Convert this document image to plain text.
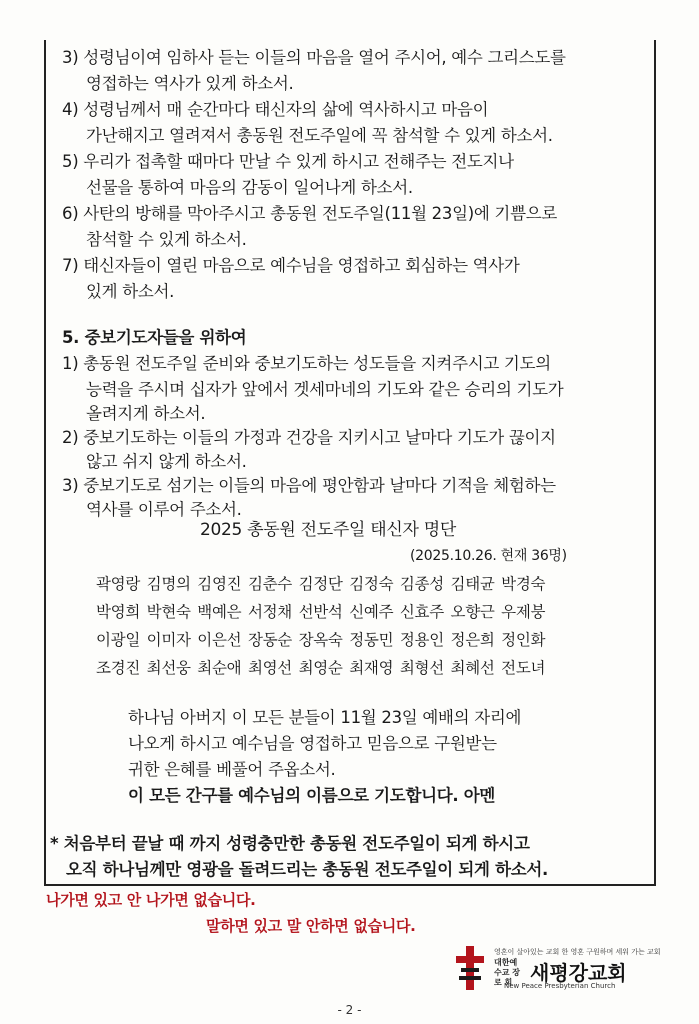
3) 성령님이여 임하사 듣는 이들의 마음을 열어 주시어, 예수 그리스도를
영접하는 역사가 있게 하소서.
4) 성령님께서 매 순간마다 태신자의 삶에 역사하시고 마음이
가난해지고 열려져서 총동원 전도주일에 꼭 참석할 수 있게 하소서.
5) 우리가 접촉할 때마다 만날 수 있게 하시고 전해주는 전도지나
선물을 통하여 마음의 감동이 일어나게 하소서.
6) 사탄의 방해를 막아주시고 총동원 전도주일(11월 23일)에 기쁨으로
참석할 수 있게 하소서.
7) 태신자들이 열린 마음으로 예수님을 영접하고 회심하는 역사가
있게 하소서.
5. 중보기도자들을 위하여
1) 총동원 전도주일 준비와 중보기도하는 성도들을 지켜주시고 기도의
능력을 주시며 십자가 앞에서 겟세마네의 기도와 같은 승리의 기도가
올려지게 하소서.
2) 중보기도하는 이들의 가정과 건강을 지키시고 날마다 기도가 끊이지
않고 쉬지 않게 하소서.
3) 중보기도로 섬기는 이들의 마음에 평안함과 날마다 기적을 체험하는
역사를 이루어 주소서.
2025 총동원 전도주일 태신자 명단
(2025.10.26. 현재 36명)
곽영랑 김명의 김영진 김춘수 김정단 김정숙 김종성 김태균 박경숙
박영희 박현숙 백예은 서정채 선반석 신예주 신효주 오향근 우제붕
이광일 이미자 이은선 장동순 장옥숙 정동민 정용인 정은희 정인화
조경진 최선웅 최순애 최영선 최영순 최재영 최형선 최혜선 전도녀
하나님 아버지 이 모든 분들이 11월 23일 예배의 자리에
나오게 하시고 예수님을 영접하고 믿음으로 구원받는
귀한 은혜를 베풀어 주옵소서.
이 모든 간구를 예수님의 이름으로 기도합니다. 아멘
* 처음부터 끝날 때 까지 성령충만한 총동원 전도주일이 되게 하시고
오직 하나님께만 영광을 돌려드리는 총동원 전도주일이 되게 하소서.
나가면 있고 안 나가면 없습니다.
말하면 있고 말 안하면 없습니다.
영혼이 살아있는 교회 한 영혼 구원하며 세워 가는 교회
대한예수교 장 로 회 새평강교회
New Peace Presbyterian Church
- 2 -
